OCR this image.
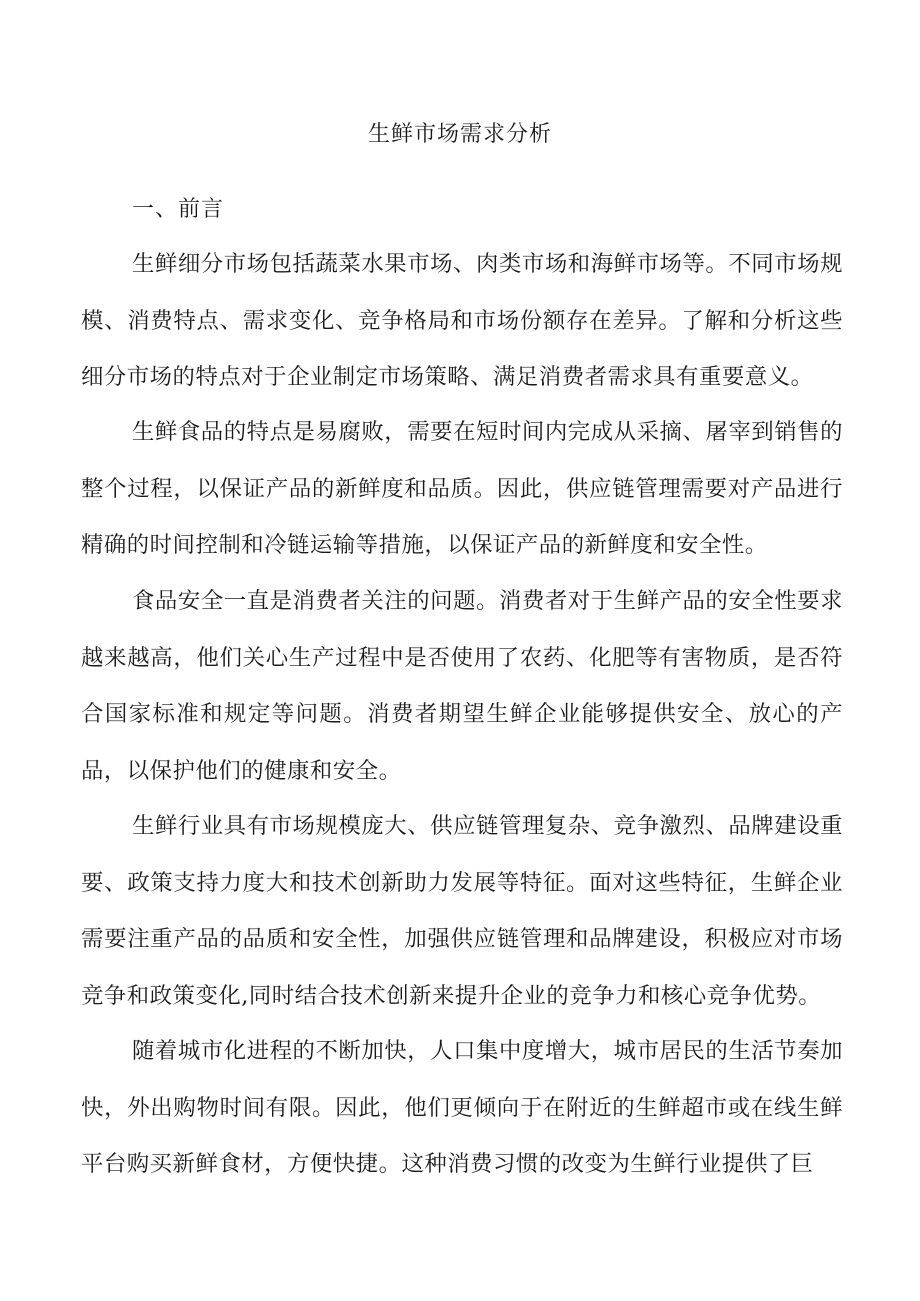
生鲜市场需求分析
一、前言

生鲜细分市场包括蔬菜水果市场、肉类市场和海鲜市场等。不同市场规模、消费特点、需求变化、竞争格局和市场份额存在差异。了解和分析这些细分市场的特点对于企业制定市场策略、满足消费者需求具有重要意义。

生鲜食品的特点是易腐败，需要在短时间内完成从采摘、屠宰到销售的整个过程，以保证产品的新鲜度和品质。因此，供应链管理需要对产品进行精确的时间控制和冷链运输等措施，以保证产品的新鲜度和安全性。

食品安全一直是消费者关注的问题。消费者对于生鲜产品的安全性要求越来越高，他们关心生产过程中是否使用了农药、化肥等有害物质，是否符合国家标准和规定等问题。消费者期望生鲜企业能够提供安全、放心的产品，以保护他们的健康和安全。

生鲜行业具有市场规模庞大、供应链管理复杂、竞争激烈、品牌建设重要、政策支持力度大和技术创新助力发展等特征。面对这些特征，生鲜企业需要注重产品的品质和安全性，加强供应链管理和品牌建设，积极应对市场竞争和政策变化,同时结合技术创新来提升企业的竞争力和核心竞争优势。

随着城市化进程的不断加快，人口集中度增大，城市居民的生活节奏加快，外出购物时间有限。因此，他们更倾向于在附近的生鲜超市或在线生鲜平台购买新鲜食材，方便快捷。这种消费习惯的改变为生鲜行业提供了巨
